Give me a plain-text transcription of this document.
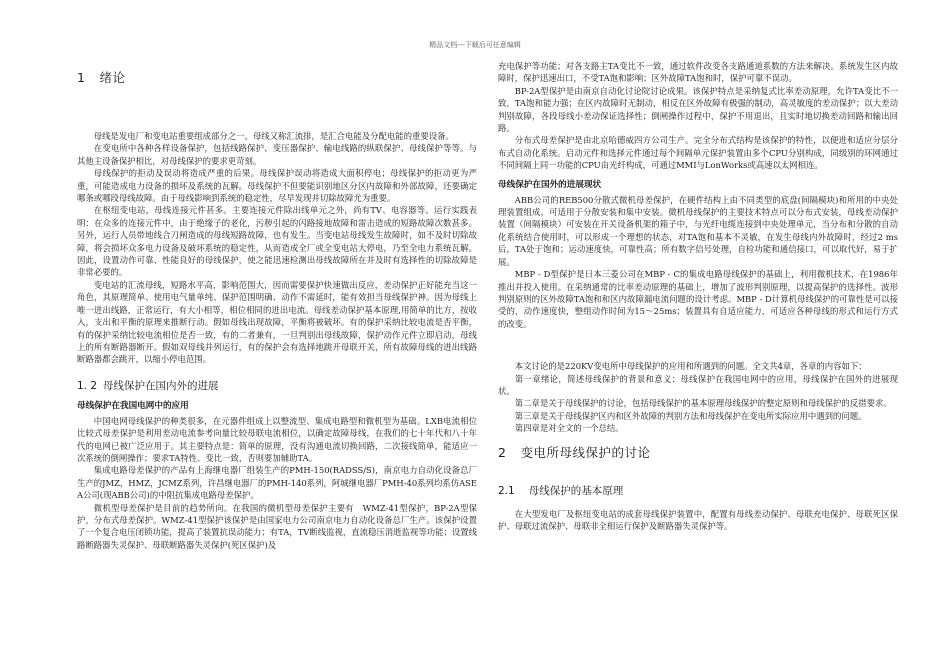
精品文档---下载后可任意编辑
1 绪论

母线是发电厂和变电站重要组成部分之一。母线又称汇流排，是汇合电能及分配电能的重要设备。

在变电所中各种各样设备保护，包括线路保护、变压器保护、输电线路的纵联保护、母线保护等等。与其他主设备保护相比，对母线保护的要求更苛刻。

母线保护的拒动及误动将造成严重的后果。母线保护误动将造成大面积停电；母线保护的拒动更为严重，可能造成电力设备的损坏及系统的瓦解。母线保护不但要能识别地区分区内故障和外部故障，还要确定哪条或哪段母线故障。由于母线影响到系统的稳定性，尽早发现并切除故障尤为重要。

在枢纽变电站，母线连接元件甚多。主要连接元件除出线单元之外，尚有TV、电容器等。运行实践表明：在众多的连接元件中，由于绝缘子的老化，污秽引起的闪路接地故障和雷击造成的短路故障次数甚多。另外，运行人员带地线合刀闸造成的母线短路故障，也有发生。当变电站母线发生故障时，如不及时切除故障，将会损坏众多电力设备及破坏系统的稳定性，从而造成全厂或全变电站大停电，乃至全电力系统瓦解。因此，设置动作可靠、性能良好的母线保护，使之能迅速检测出母线故障所在并及时有选择性的切除故障是非常必要的。

变电站的汇流母线，短路水平高，影响范围大，因而需要保护快速做出反应，差动保护正好能充当这一角色，其原理简单、使用电气量单纯、保护范围明确、动作不需延时，能有效担当母线保护神。因为母线上唯一进出线路，正常运行，有大小相等，相位相同的进出电流。母线差动保护基本原理,用简单的比方，按收入，支出和平衡的原理来推断行动。假如母线出现故障，平衡将被破坏。有的保护采纳比较电流是否平衡，有的保护采纳比较电流相位是否一致，有的二者兼有，一旦判别出母线故障，保护动作元件立即启动，母线上的所有断路器断开。假如双母线并列运行，有的保护会有选择地跳开母联开关，所有故障母线的进出线路断路器都会跳开，以缩小停电范围。

1. 2 母线保护在国内外的进展
母线保护在我国电网中的应用

中国电网母线保护的种类很多，在元器件组成上以整流型、集成电路型和微机型为基础。LXB电流相位比较式母差保护是利用差动电流参考向量比较母联电流相位，以确定故障母线，在我们的七十年代和八十年代的电网已被广泛应用于。其主要特点是：简单的原理，没有沟通电流切换回路，二次接线简单，能适应一次系统的倒闸操作；要求TA特性、变比一致，否则要加辅助TA。

集成电路母差保护的产品有上海继电器厂组装生产的PMH-150(RADSS/S)，南京电力自动化设备总厂生产的JMZ，HMZ，JCMZ系列，许昌继电器厂的PMH-140系列，阿城继电器厂PMH-40系列均系仿ASEA公司(现ABB公司)的中阻抗集成电路母差保护。

微机型母差保护是目前的趋势所向。在我国的微机型母差保护主要有　WMZ-41型保护，BP-2A型保护，分布式母差保护。WMZ-41型保护该保护是由国家电力公司南京电力自动化设备总厂生产。该保护设置了一个复合电压闭锁功能，提高了装置抗误动能力；有TA，TV断线监视，直流稳压消逝监视等功能；设置线路断路器失灵保护、母联断路器失灵保护(死区保护)及

充电保护等功能；对各支路主TA变比不一致，通过软件改变各支路通道系数的方法来解决。系统发生区内故障时，保护迅速出口，不受TA饱和影响；区外故障TA饱和时，保护可靠不误动。

BP-2A型保护是由南京自动化讨论院讨论成果。该保护特点是采纳复式比率差动原理，允许TA变比不一致，TA饱和能力强；在区内故障时无制动，相反在区外故障有极强的制动，高灵敏度的差动保护；以大差动判别故障，各段母线小差动保证选择性；倒闸操作过程中，保护不用退出，且实时地切换差动回路和输出回路。

分布式母差保护是由北京哈德威四方公司生产。完全分布式结构是该保护的特性，以便进和适应分层分布式自动化系统。启动元件和选择元件通过每个间隔单元保护装置由多个CPU分别构成，同级别的环网通过不同间隔上同一功能的CPU由光纤构成，可通过MMI与LonWorks或高速以太网相连。

母线保护在国外的进展现状

ABB公司的REB500分散式微机母差保护，在硬件结构上由不同类型的底盘(间隔模块)和所用的中央处理装置组成，可适用于分散安装和集中安装。微机母线保护的主要技术特点可以分布式安装，母线差动保护装置（间隔模块）可安装在开关设备机架的箱子中，与光纤电缆连接到中央处理单元，当分布和分散的自动化系统结合使用时，可以形成一个理想的状态，对TA饱和基本不灵敏，在发生母线内外故障时，经过2 ms后，TA处于饱和；运动速度快，可靠性高；所有数字信号处理，自检功能和通信接口，可以取代好，易于扩展。

MBP - D型保护是日本三菱公司在MBP - C的集成电路母线保护的基础上，利用微机技术，在1986年推出并投入使用。在采纳通常的比率差动原理的基础上，增加了波形判别原理，以提高保护的选择性。波形判别原则的区外故障TA饱和和区内故障漏电流问题的设计考虑。MBP - D计算机母线保护的可靠性是可以接受的，动作速度快，整组动作时间为15～25ms；装置具有自适应能力，可适应各种母线的形式和运行方式的改变。

本文讨论的是220KV变电所中母线保护的应用和所遇到的问题。全文共4章，各章的内容如下：

第一章绪论，简述母线保护的背景和意义；母线保护在我国电网中的应用，母线保护在国外的进展现状。

第二章是关于母线保护的讨论，包括母线保护的基本原理母线保护的整定原则和母线保护的反措要求。

第三章是关于母线保护区内和区外故障的判别方法和母线保护在变电所实际应用中遇到的问题。

第四章是对全文的一个总结。

2 变电所母线保护的讨论
2.1 母线保护的基本原理

在大型发电厂及枢纽变电站的成套母线保护装置中，配置有母线差动保护、母联充电保护、母联死区保护、母联过流保护、母联非全相运行保护及断路器失灵保护等。
